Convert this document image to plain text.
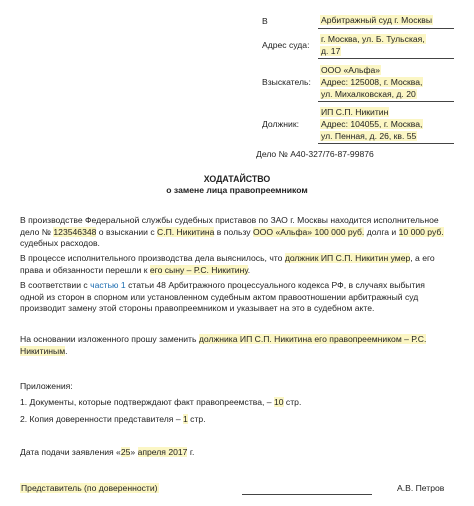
В	Арбитражный суд г. Москвы
Адрес суда:
г. Москва, ул. Б. Тульская,
д. 17
Взыскатель:
ООО «Альфа»
Адрес: 125008, г. Москва,
ул. Михалковская, д. 20
Должник:
ИП С.П. Никитин
Адрес: 104055, г. Москва,
ул. Пенная, д. 26, кв. 55
Дело № А40-327/76-87-99876
ХОДАТАЙСТВО
о замене лица правопреемником
В производстве Федеральной службы судебных приставов по ЗАО г. Москвы находится исполнительное дело № 123546348 о взыскании с С.П. Никитина в пользу ООО «Альфа» 100 000 руб. долга и 10 000 руб. судебных расходов.
В процессе исполнительного производства дела выяснилось, что должник ИП С.П. Никитин умер, а его права и обязанности перешли к его сыну – Р.С. Никитину.
В соответствии с частью 1 статьи 48 Арбитражного процессуального кодекса РФ, в случаях выбытия одной из сторон в спорном или установленном судебным актом правоотношении арбитражный суд производит замену этой стороны правопреемником и указывает на это в судебном акте.
На основании изложенного прошу заменить должника ИП С.П. Никитина его правопреемником – Р.С. Никитиным.
Приложения:
1. Документы, которые подтверждают факт правопреемства, – 10 стр.
2. Копия доверенности представителя – 1 стр.
Дата подачи заявления «25» апреля 2017 г.
Представитель (по доверенности)	А.В. Петров
